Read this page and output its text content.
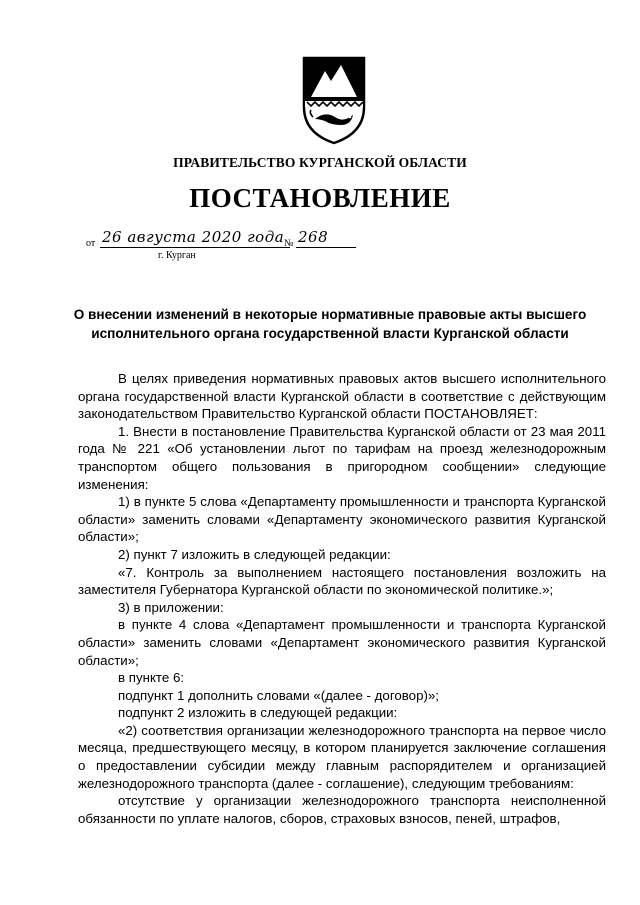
ПРАВИТЕЛЬСТВО КУРГАНСКОЙ ОБЛАСТИ
ПОСТАНОВЛЕНИЕ
от 26 августа 2020 года № 268
г. Курган
О внесении изменений в некоторые нормативные правовые акты высшего исполнительного органа государственной власти Курганской области

В целях приведения нормативных правовых актов высшего исполнительного органа государственной власти Курганской области в соответствие с действующим законодательством Правительство Курганской области ПОСТАНОВЛЯЕТ:

1. Внести в постановление Правительства Курганской области от 23 мая 2011 года № 221 «Об установлении льгот по тарифам на проезд железнодорожным транспортом общего пользования в пригородном сообщении» следующие изменения:

1) в пункте 5 слова «Департаменту промышленности и транспорта Курганской области» заменить словами «Департаменту экономического развития Курганской области»;

2) пункт 7 изложить в следующей редакции:

«7. Контроль за выполнением настоящего постановления возложить на заместителя Губернатора Курганской области по экономической политике.»;

3) в приложении:

в пункте 4 слова «Департамент промышленности и транспорта Курганской области» заменить словами «Департамент экономического развития Курганской области»;

в пункте 6:

подпункт 1 дополнить словами «(далее - договор)»;

подпункт 2 изложить в следующей редакции:

«2) соответствия организации железнодорожного транспорта на первое число месяца, предшествующего месяцу, в котором планируется заключение соглашения о предоставлении субсидии между главным распорядителем и организацией железнодорожного транспорта (далее - соглашение), следующим требованиям:

отсутствие у организации железнодорожного транспорта неисполненной обязанности по уплате налогов, сборов, страховых взносов, пеней, штрафов,
